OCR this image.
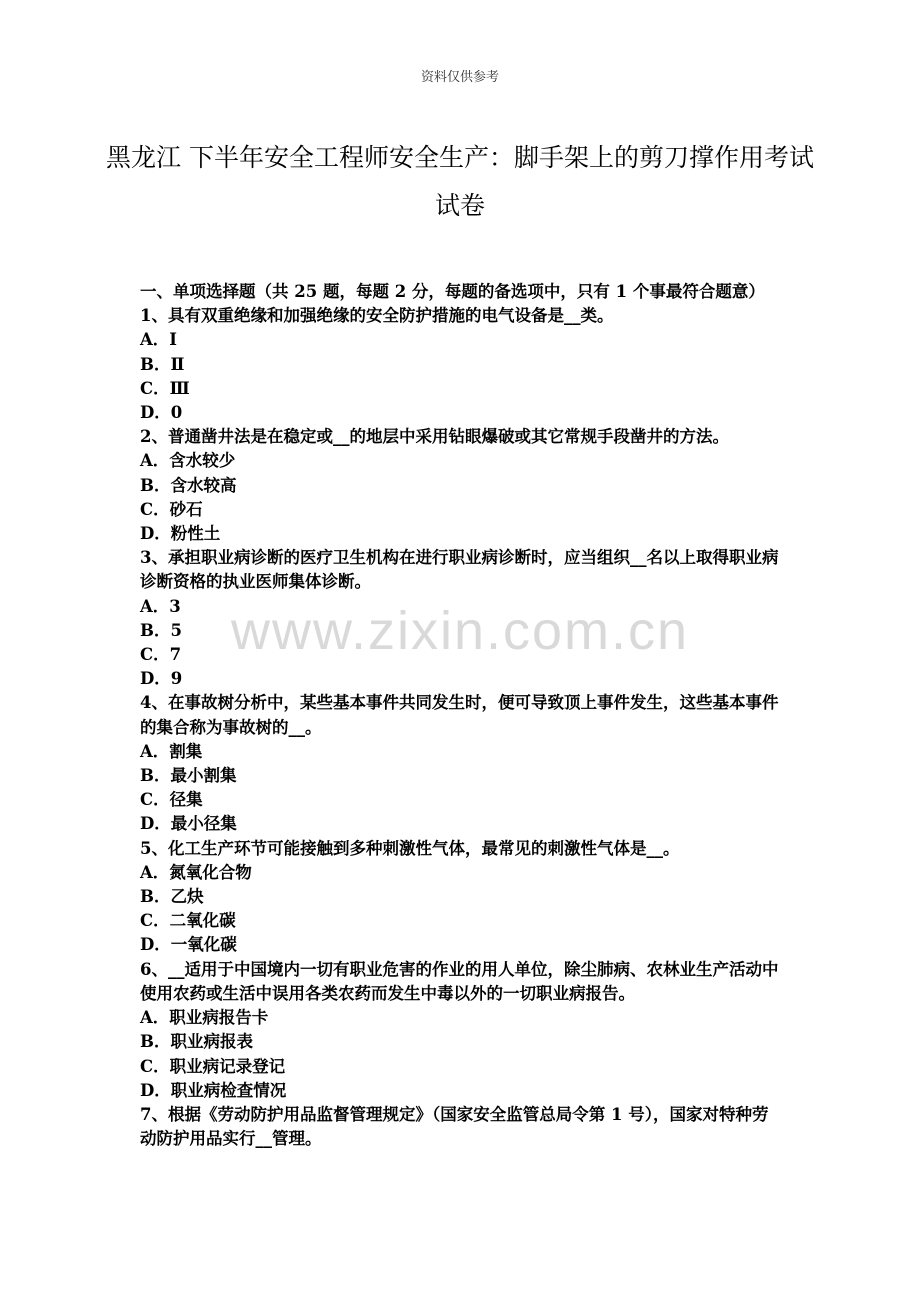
资料仅供参考
黑龙江 下半年安全工程师安全生产：脚手架上的剪刀撑作用考试试卷
www.zixin.com.cn

一、单项选择题（共 25 题，每题 2 分，每题的备选项中，只有 1 个事最符合题意）

1、具有双重绝缘和加强绝缘的安全防护措施的电气设备是__类。

A．Ⅰ
B．Ⅱ
C．Ⅲ
D．0

2、普通凿井法是在稳定或__的地层中采用钻眼爆破或其它常规手段凿井的方法。

A．含水较少
B．含水较高
C．砂石
D．粉性土

3、承担职业病诊断的医疗卫生机构在进行职业病诊断时，应当组织__名以上取得职业病诊断资格的执业医师集体诊断。

A．3
B．5
C．7
D．9

4、在事故树分析中，某些基本事件共同发生时，便可导致顶上事件发生，这些基本事件的集合称为事故树的__。

A．割集
B．最小割集
C．径集
D．最小径集

5、化工生产环节可能接触到多种刺激性气体，最常见的刺激性气体是__。

A．氮氧化合物
B．乙炔
C．二氧化碳
D．一氧化碳

6、__适用于中国境内一切有职业危害的作业的用人单位，除尘肺病、农林业生产活动中使用农药或生活中误用各类农药而发生中毒以外的一切职业病报告。

A．职业病报告卡
B．职业病报表
C．职业病记录登记
D．职业病检查情况

7、根据《劳动防护用品监督管理规定》（国家安全监管总局令第 1 号），国家对特种劳动防护用品实行__管理。
